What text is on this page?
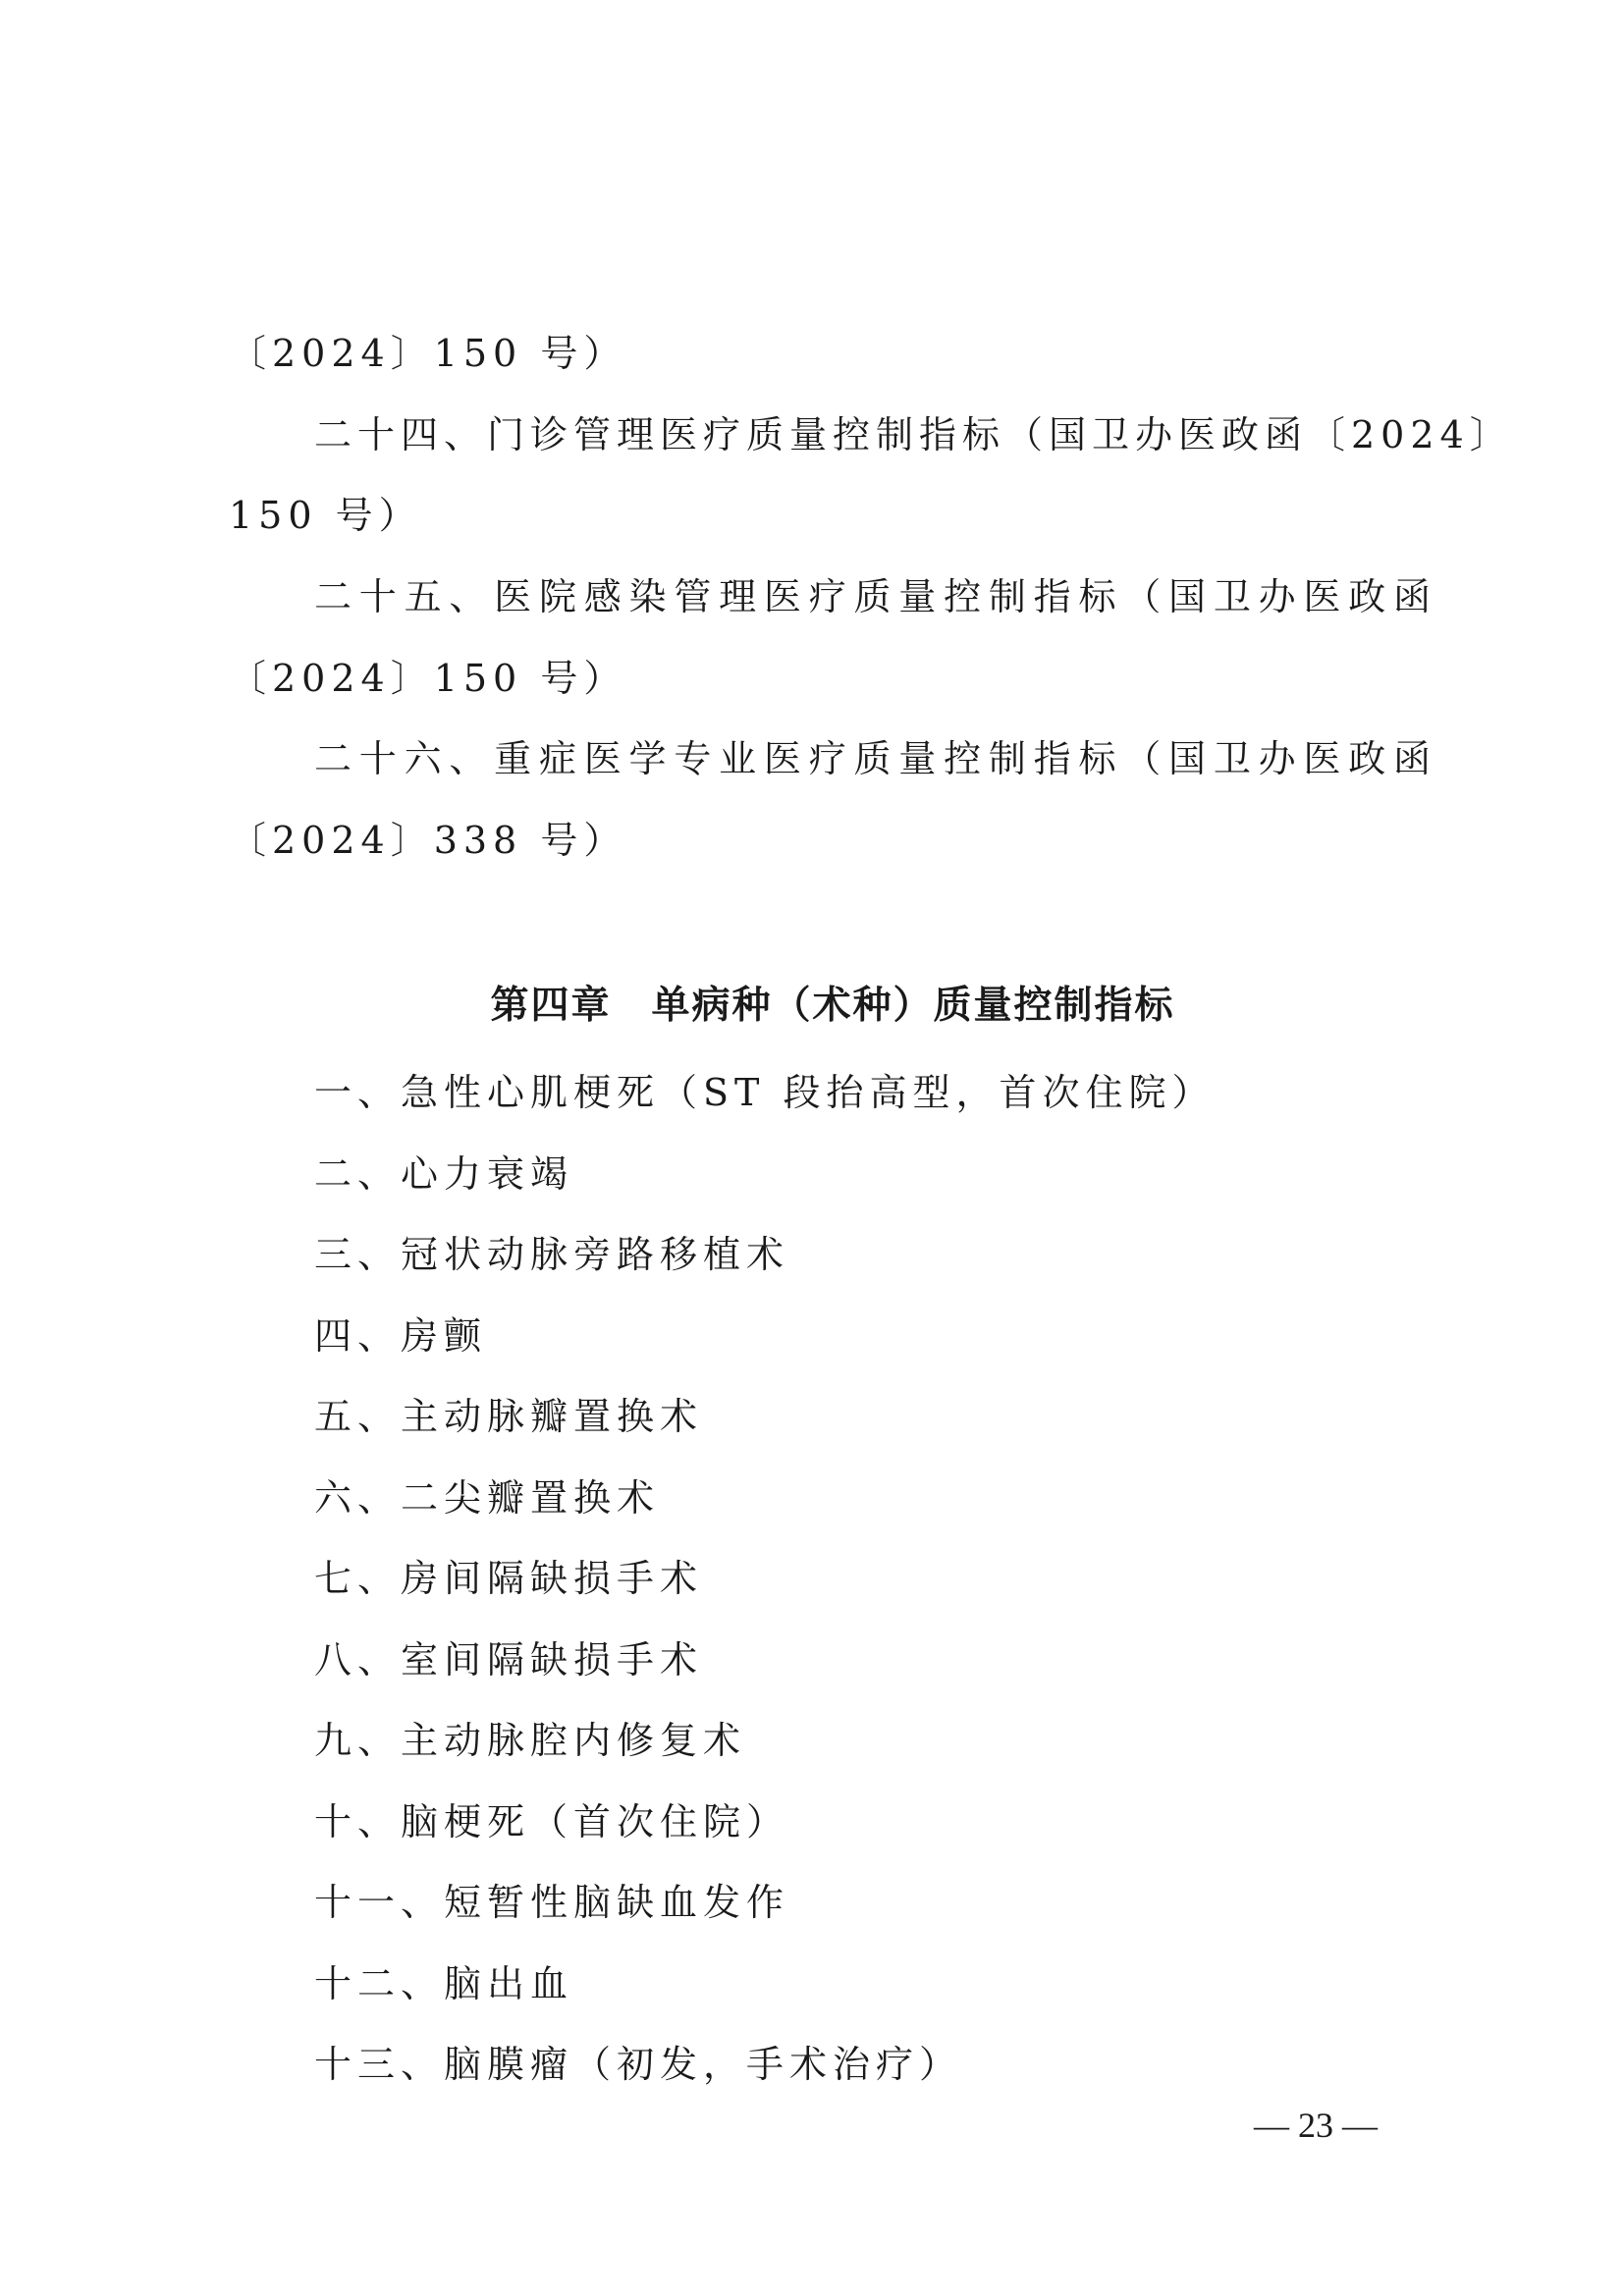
〔2024〕150 号）
二十四、门诊管理医疗质量控制指标（国卫办医政函〔2024〕
150 号）
二十五、医院感染管理医疗质量控制指标（国卫办医政函
〔2024〕150 号）
二十六、重症医学专业医疗质量控制指标（国卫办医政函
〔2024〕338 号）
第四章　单病种（术种）质量控制指标
一、急性心肌梗死（ST 段抬高型，首次住院）
二、心力衰竭
三、冠状动脉旁路移植术
四、房颤
五、主动脉瓣置换术
六、二尖瓣置换术
七、房间隔缺损手术
八、室间隔缺损手术
九、主动脉腔内修复术
十、脑梗死（首次住院）
十一、短暂性脑缺血发作
十二、脑出血
十三、脑膜瘤（初发，手术治疗）
— 23 —
